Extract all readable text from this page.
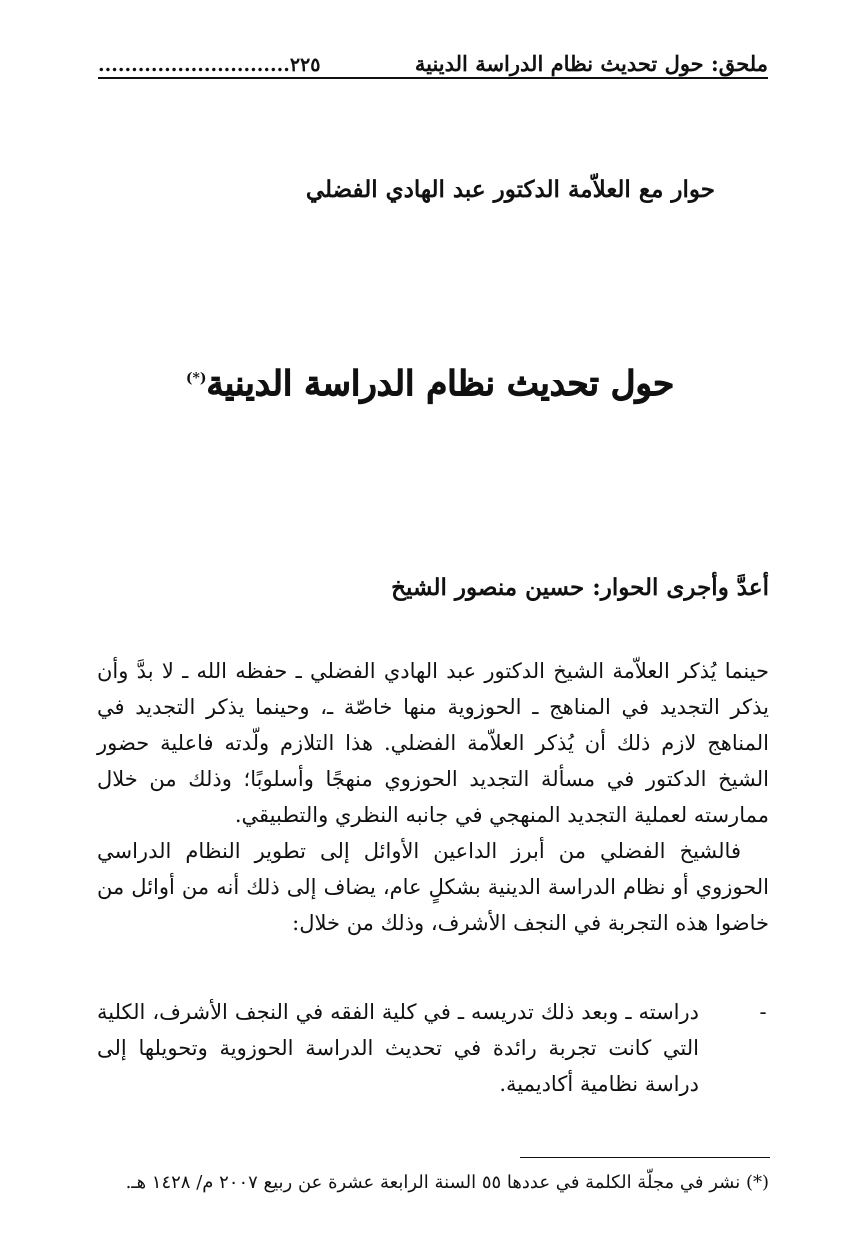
ملحق: حول تحديث نظام الدراسة الدينية
٢٢٥.............................
حوار مع العلاّمة الدكتور عبد الهادي الفضلي
حول تحديث نظام الدراسة الدينية(*)
أعدَّ وأجرى الحوار: حسين منصور الشيخ

حينما يُذكر العلاّمة الشيخ الدكتور عبد الهادي الفضلي ـ حفظه الله ـ لا بدَّ وأن يذكر التجديد في المناهج ـ الحوزوية منها خاصّة ـ، وحينما يذكر التجديد في المناهج لازم ذلك أن يُذكر العلاّمة الفضلي. هذا التلازم ولّدته فاعلية حضور الشيخ الدكتور في مسألة التجديد الحوزوي منهجًا وأسلوبًا؛ وذلك من خلال ممارسته لعملية التجديد المنهجي في جانبه النظري والتطبيقي.

فالشيخ الفضلي من أبرز الداعين الأوائل إلى تطوير النظام الدراسي الحوزوي أو نظام الدراسة الدينية بشكلٍ عام، يضاف إلى ذلك أنه من أوائل من خاضوا هذه التجربة في النجف الأشرف، وذلك من خلال:

-
دراسته ـ وبعد ذلك تدريسه ـ في كلية الفقه في النجف الأشرف، الكلية التي كانت تجربة رائدة في تحديث الدراسة الحوزوية وتحويلها إلى دراسة نظامية أكاديمية.
(*) نشر في مجلّة الكلمة في عددها ٥٥ السنة الرابعة عشرة عن ربيع ٢٠٠٧ م/ ١٤٢٨ هـ.
